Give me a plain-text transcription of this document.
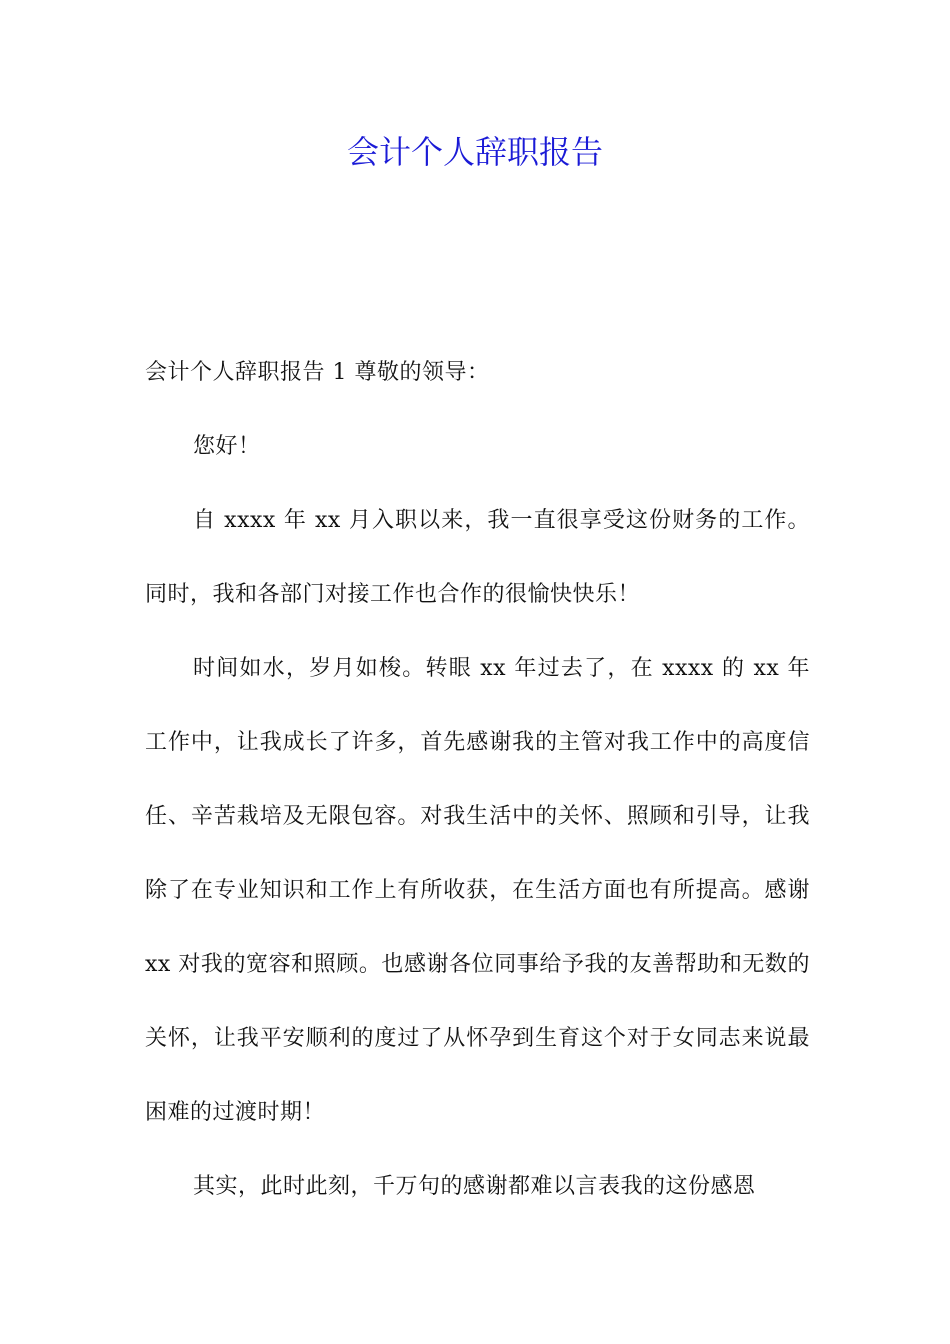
会计个人辞职报告

会计个人辞职报告 1 尊敬的领导：

您好！

自 xxxx 年 xx 月入职以来，我一直很享受这份财务的工作。同时，我和各部门对接工作也合作的很愉快快乐！

时间如水，岁月如梭。转眼 xx 年过去了，在 xxxx 的 xx 年工作中，让我成长了许多，首先感谢我的主管对我工作中的高度信任、辛苦栽培及无限包容。对我生活中的关怀、照顾和引导，让我除了在专业知识和工作上有所收获，在生活方面也有所提高。感谢 xx 对我的宽容和照顾。也感谢各位同事给予我的友善帮助和无数的关怀，让我平安顺利的度过了从怀孕到生育这个对于女同志来说最困难的过渡时期！

其实，此时此刻，千万句的感谢都难以言表我的这份感恩
